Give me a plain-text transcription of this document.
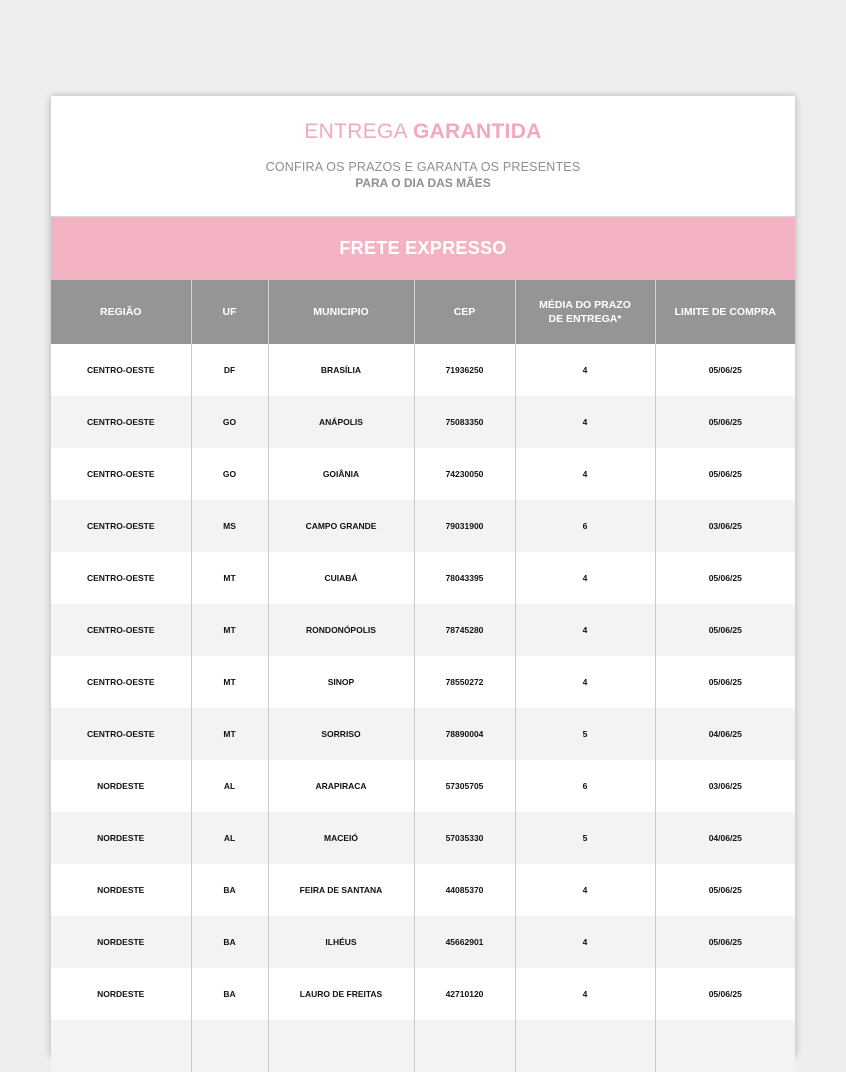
ENTREGA GARANTIDA
CONFIRA OS PRAZOS E GARANTA OS PRESENTES
PARA O DIA DAS MÃES
FRETE EXPRESSO
REGIÃO	UF	MUNICIPIO	CEP	MÉDIA DO PRAZO DE ENTREGA*	LIMITE DE COMPRA
CENTRO-OESTE	DF	BRASÍLIA	71936250	4	05/06/25
CENTRO-OESTE	GO	ANÁPOLIS	75083350	4	05/06/25
CENTRO-OESTE	GO	GOIÂNIA	74230050	4	05/06/25
CENTRO-OESTE	MS	CAMPO GRANDE	79031900	6	03/06/25
CENTRO-OESTE	MT	CUIABÁ	78043395	4	05/06/25
CENTRO-OESTE	MT	RONDONÓPOLIS	78745280	4	05/06/25
CENTRO-OESTE	MT	SINOP	78550272	4	05/06/25
CENTRO-OESTE	MT	SORRISO	78890004	5	04/06/25
NORDESTE	AL	ARAPIRACA	57305705	6	03/06/25
NORDESTE	AL	MACEIÓ	57035330	5	04/06/25
NORDESTE	BA	FEIRA DE SANTANA	44085370	4	05/06/25
NORDESTE	BA	ILHÉUS	45662901	4	05/06/25
NORDESTE	BA	LAURO DE FREITAS	42710120	4	05/06/25
